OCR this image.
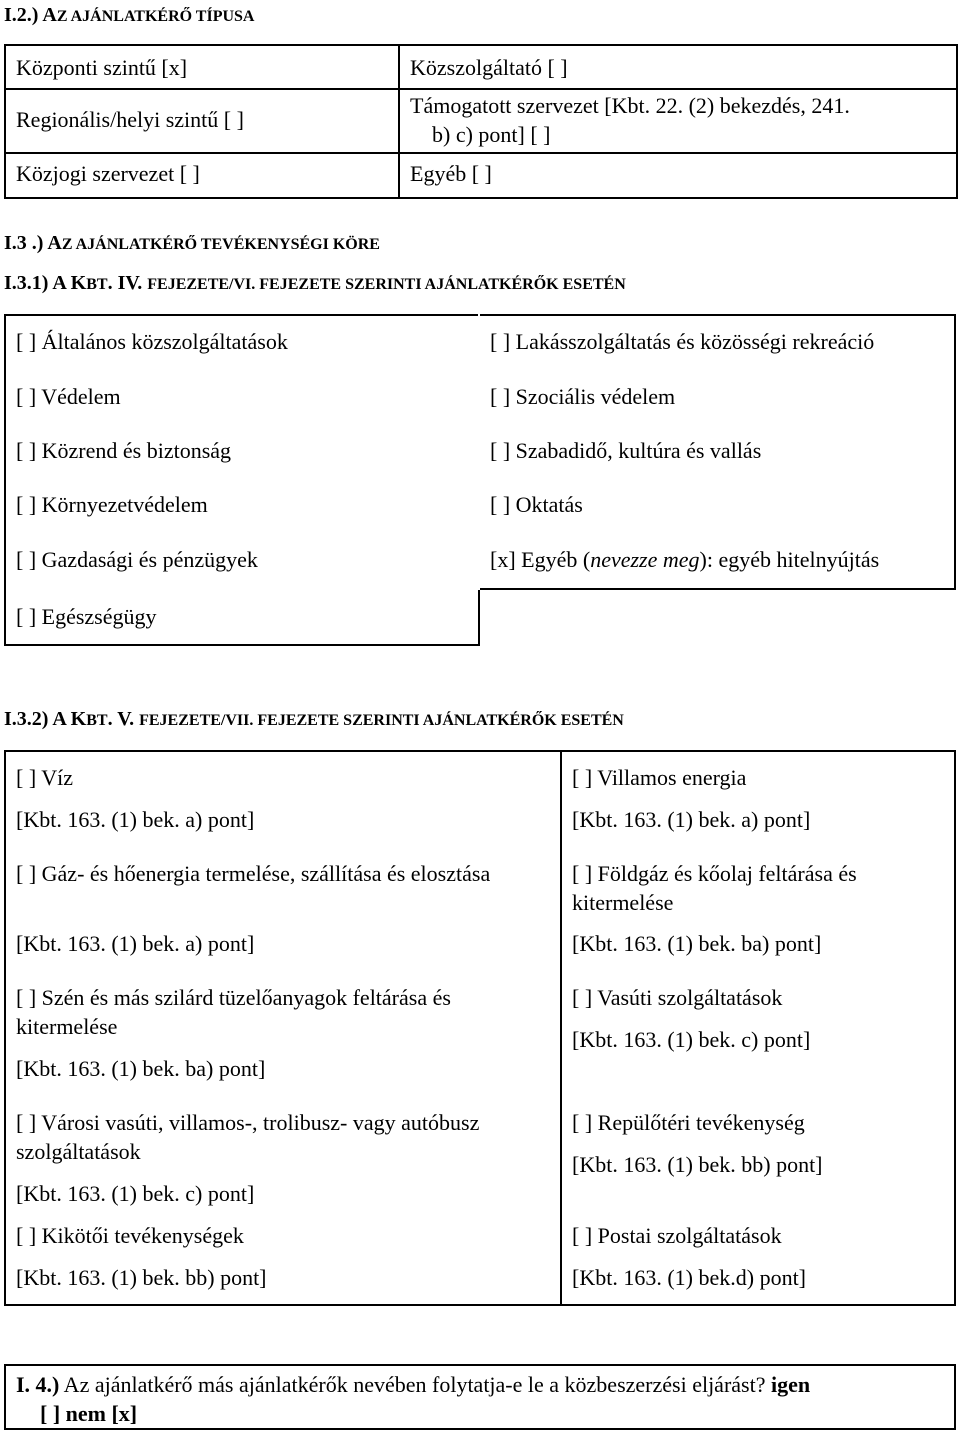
I.2.) AZ AJÁNLATKÉRŐ TÍPUSA
Központi szintű [x]	Közszolgáltató [ ]
Regionális/helyi szintű [ ]
Támogatott szervezet [Kbt. 22. (2) bekezdés, 241.
b) c) pont] [ ]
Közjogi szervezet [ ]	Egyéb [ ]
I.3 .) AZ AJÁNLATKÉRŐ TEVÉKENYSÉGI KÖRE
I.3.1) A KBT. IV. FEJEZETE/VI. FEJEZETE SZERINTI AJÁNLATKÉRŐK ESETÉN
[ ] Általános közszolgáltatások
[ ] Védelem
[ ] Közrend és biztonság
[ ] Környezetvédelem
[ ] Gazdasági és pénzügyek
[ ] Egészségügy
[ ] Lakásszolgáltatás és közösségi rekreáció
[ ] Szociális védelem
[ ] Szabadidő, kultúra és vallás
[ ] Oktatás
[x] Egyéb (nevezze meg): egyéb hitelnyújtás
I.3.2) A KBT. V. FEJEZETE/VII. FEJEZETE SZERINTI AJÁNLATKÉRŐK ESETÉN
[ ] Víz
[Kbt. 163. (1) bek. a) pont]
[ ] Gáz- és hőenergia termelése, szállítása és elosztása
[Kbt. 163. (1) bek. a) pont]
[ ] Szén és más szilárd tüzelőanyagok feltárása és kitermelése
[Kbt. 163. (1) bek. ba) pont]
[ ] Városi vasúti, villamos-, trolibusz- vagy autóbusz szolgáltatások
[Kbt. 163. (1) bek. c) pont]
[ ] Kikötői tevékenységek
[Kbt. 163. (1) bek. bb) pont]
[ ] Villamos energia
[Kbt. 163. (1) bek. a) pont]
[ ] Földgáz és kőolaj feltárása és kitermelése
[Kbt. 163. (1) bek. ba) pont]
[ ] Vasúti szolgáltatások
[Kbt. 163. (1) bek. c) pont]
[ ] Repülőtéri tevékenység
[Kbt. 163. (1) bek. bb) pont]
[ ] Postai szolgáltatások
[Kbt. 163. (1) bek.d) pont]
I. 4.) Az ajánlatkérő más ajánlatkérők nevében folytatja-e le a közbeszerzési eljárást? igen
[ ] nem [x]
